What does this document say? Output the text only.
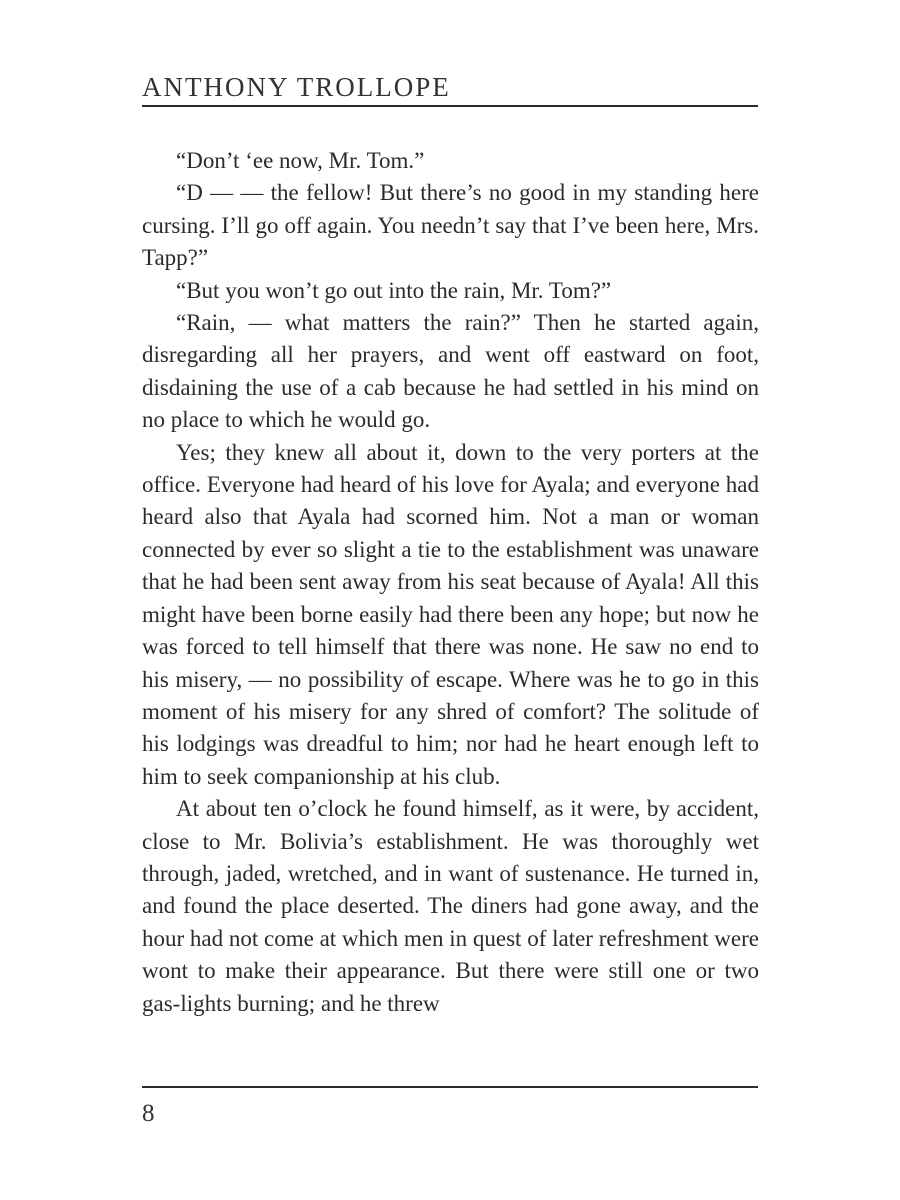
ANTHONY TROLLOPE

“Don’t ‘ee now, Mr. Tom.”

“D — — the fellow! But there’s no good in my standing here cursing. I’ll go off again. You needn’t say that I’ve been here, Mrs. Tapp?”

“But you won’t go out into the rain, Mr. Tom?”

“Rain, — what matters the rain?” Then he started again, disregarding all her prayers, and went off eastward on foot, disdaining the use of a cab because he had settled in his mind on no place to which he would go.

Yes; they knew all about it, down to the very porters at the office. Everyone had heard of his love for Ayala; and everyone had heard also that Ayala had scorned him. Not a man or woman connected by ever so slight a tie to the establishment was unaware that he had been sent away from his seat because of Ayala! All this might have been borne easily had there been any hope; but now he was forced to tell himself that there was none. He saw no end to his misery, — no possibility of escape. Where was he to go in this moment of his misery for any shred of comfort? The solitude of his lodgings was dreadful to him; nor had he heart enough left to him to seek companionship at his club.

At about ten o’clock he found himself, as it were, by accident, close to Mr. Bolivia’s establishment. He was thoroughly wet through, jaded, wretched, and in want of sustenance. He turned in, and found the place deserted. The diners had gone away, and the hour had not come at which men in quest of later refreshment were wont to make their appearance. But there were still one or two gas-lights burning; and he threw

8
